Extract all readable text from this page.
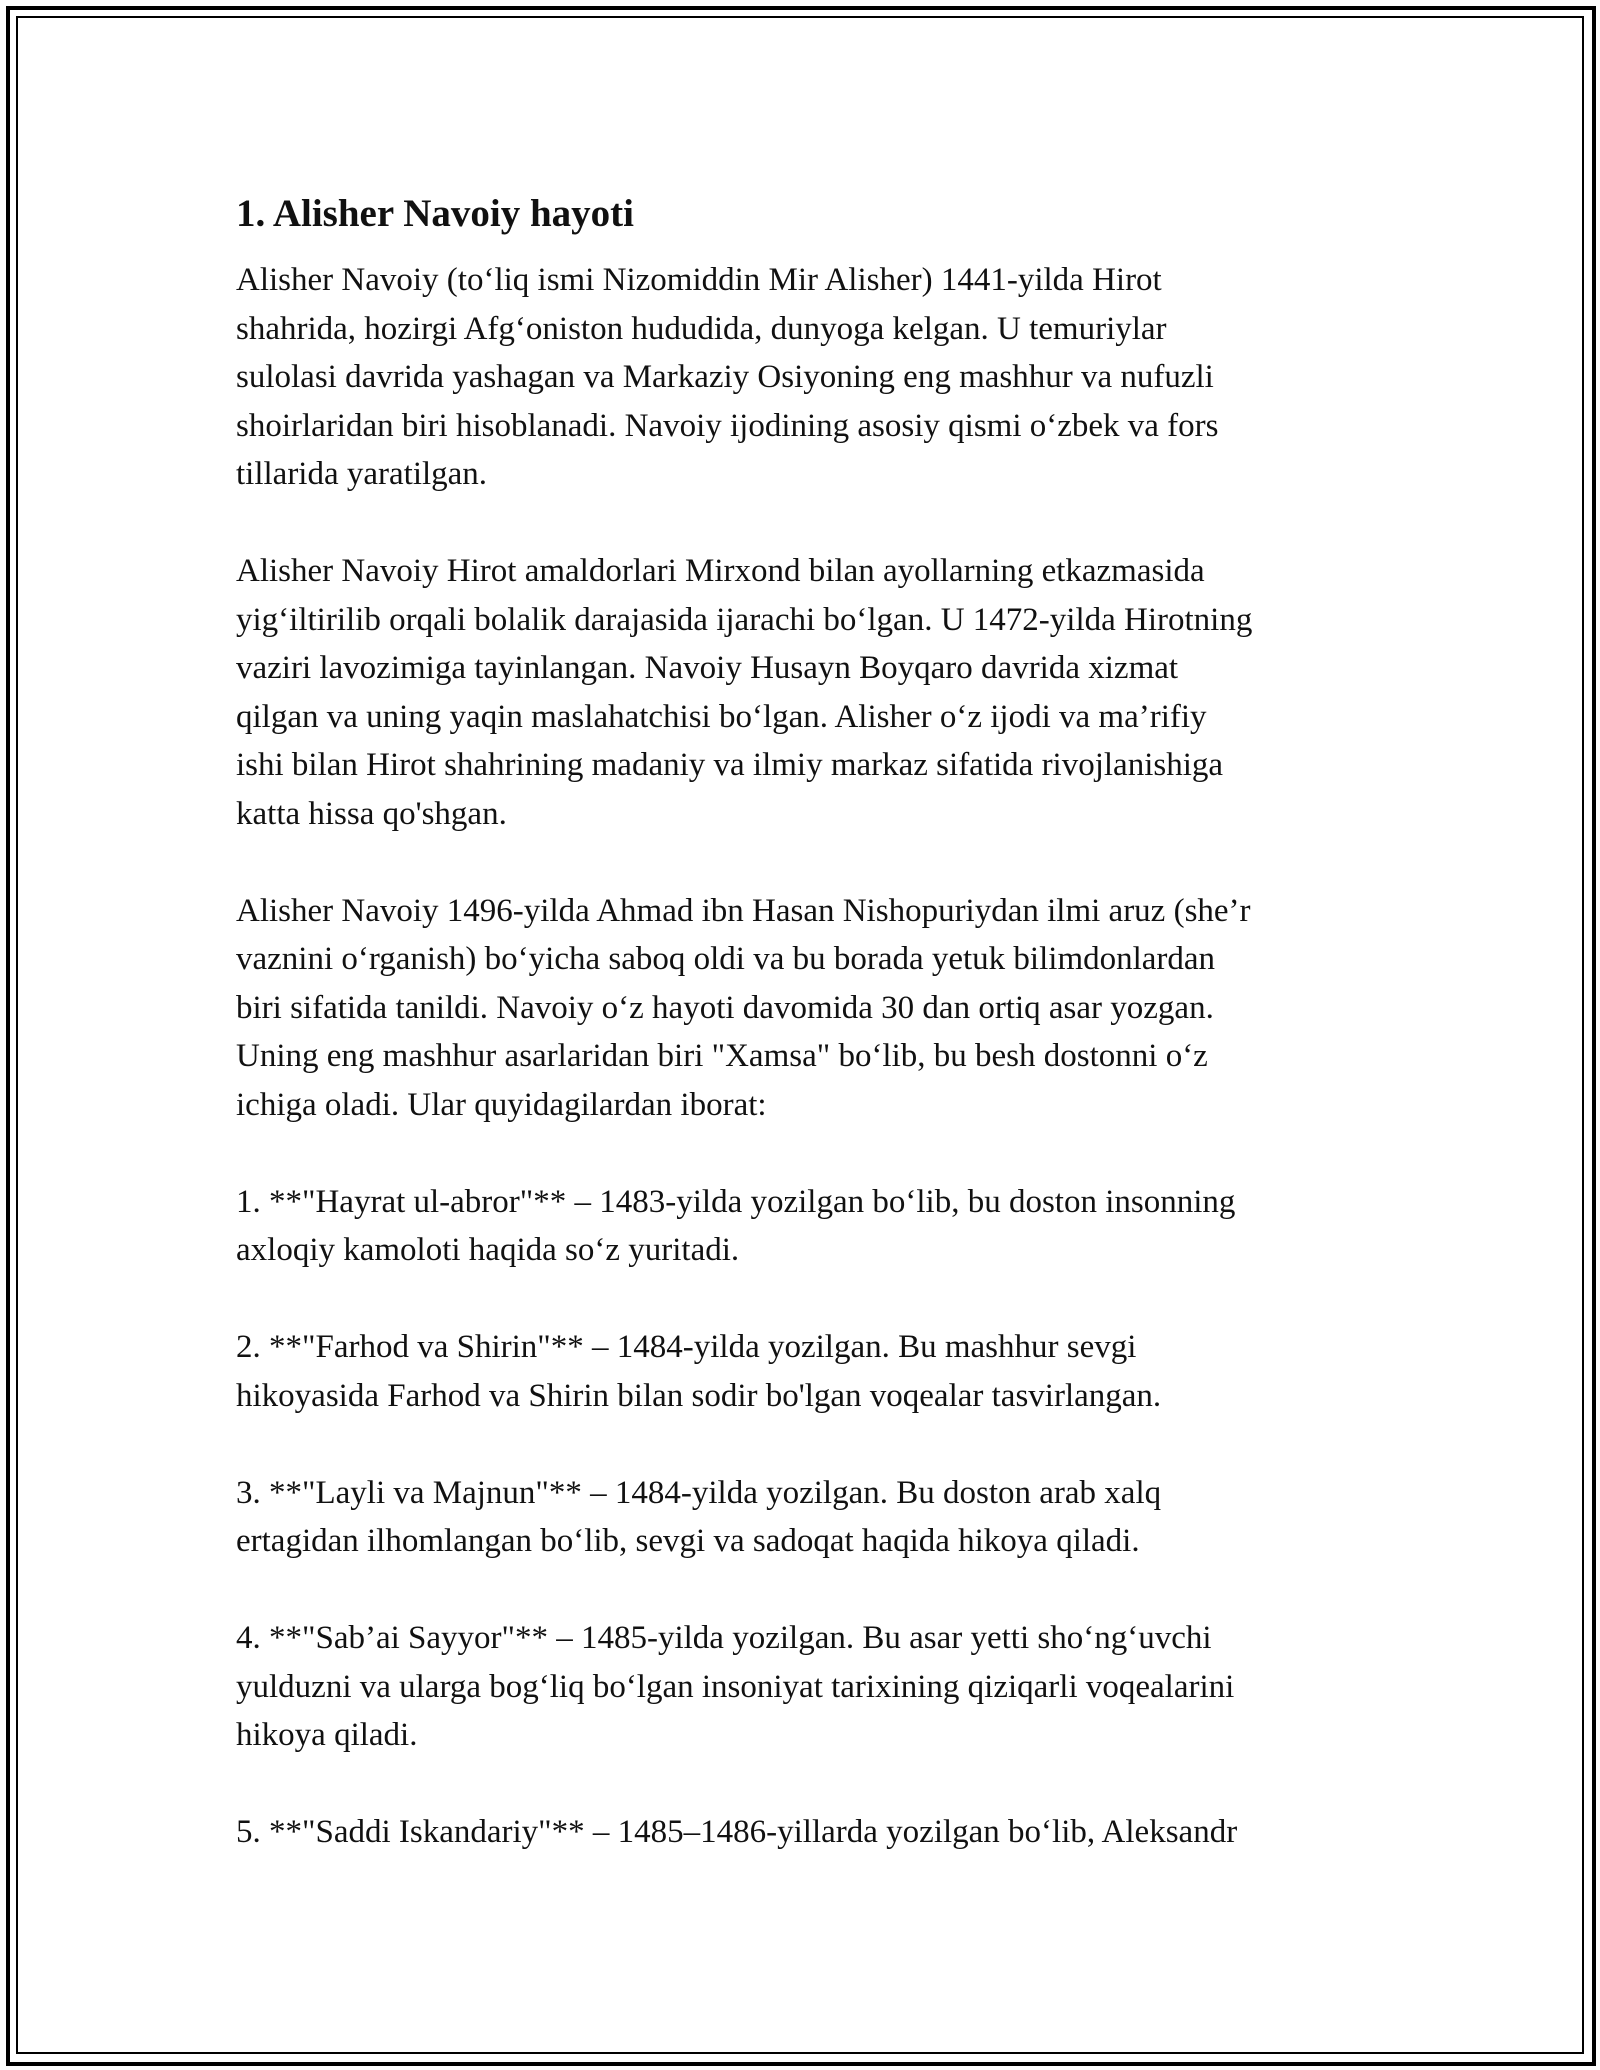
1. Alisher Navoiy hayoti

Alisher Navoiy (to‘liq ismi Nizomiddin Mir Alisher) 1441-yilda Hirot
shahrida, hozirgi Afg‘oniston hududida, dunyoga kelgan. U temuriylar
sulolasi davrida yashagan va Markaziy Osiyoning eng mashhur va nufuzli
shoirlaridan biri hisoblanadi. Navoiy ijodining asosiy qismi o‘zbek va fors
tillarida yaratilgan.

Alisher Navoiy Hirot amaldorlari Mirxond bilan ayollarning etkazmasida
yig‘iltirilib orqali bolalik darajasida ijarachi bo‘lgan. U 1472-yilda Hirotning
vaziri lavozimiga tayinlangan. Navoiy Husayn Boyqaro davrida xizmat
qilgan va uning yaqin maslahatchisi bo‘lgan. Alisher o‘z ijodi va ma’rifiy
ishi bilan Hirot shahrining madaniy va ilmiy markaz sifatida rivojlanishiga
katta hissa qo'shgan.

Alisher Navoiy 1496-yilda Ahmad ibn Hasan Nishopuriydan ilmi aruz (she’r
vaznini o‘rganish) bo‘yicha saboq oldi va bu borada yetuk bilimdonlardan
biri sifatida tanildi. Navoiy o‘z hayoti davomida 30 dan ortiq asar yozgan.
Uning eng mashhur asarlaridan biri "Xamsa" bo‘lib, bu besh dostonni o‘z
ichiga oladi. Ular quyidagilardan iborat:

1. **"Hayrat ul-abror"** – 1483-yilda yozilgan bo‘lib, bu doston insonning
axloqiy kamoloti haqida so‘z yuritadi.

2. **"Farhod va Shirin"** – 1484-yilda yozilgan. Bu mashhur sevgi
hikoyasida Farhod va Shirin bilan sodir bo'lgan voqealar tasvirlangan.

3. **"Layli va Majnun"** – 1484-yilda yozilgan. Bu doston arab xalq
ertagidan ilhomlangan bo‘lib, sevgi va sadoqat haqida hikoya qiladi.

4. **"Sab’ai Sayyor"** – 1485-yilda yozilgan. Bu asar yetti sho‘ng‘uvchi
yulduzni va ularga bog‘liq bo‘lgan insoniyat tarixining qiziqarli voqealarini
hikoya qiladi.

5. **"Saddi Iskandariy"** – 1485–1486-yillarda yozilgan bo‘lib, Aleksandr
